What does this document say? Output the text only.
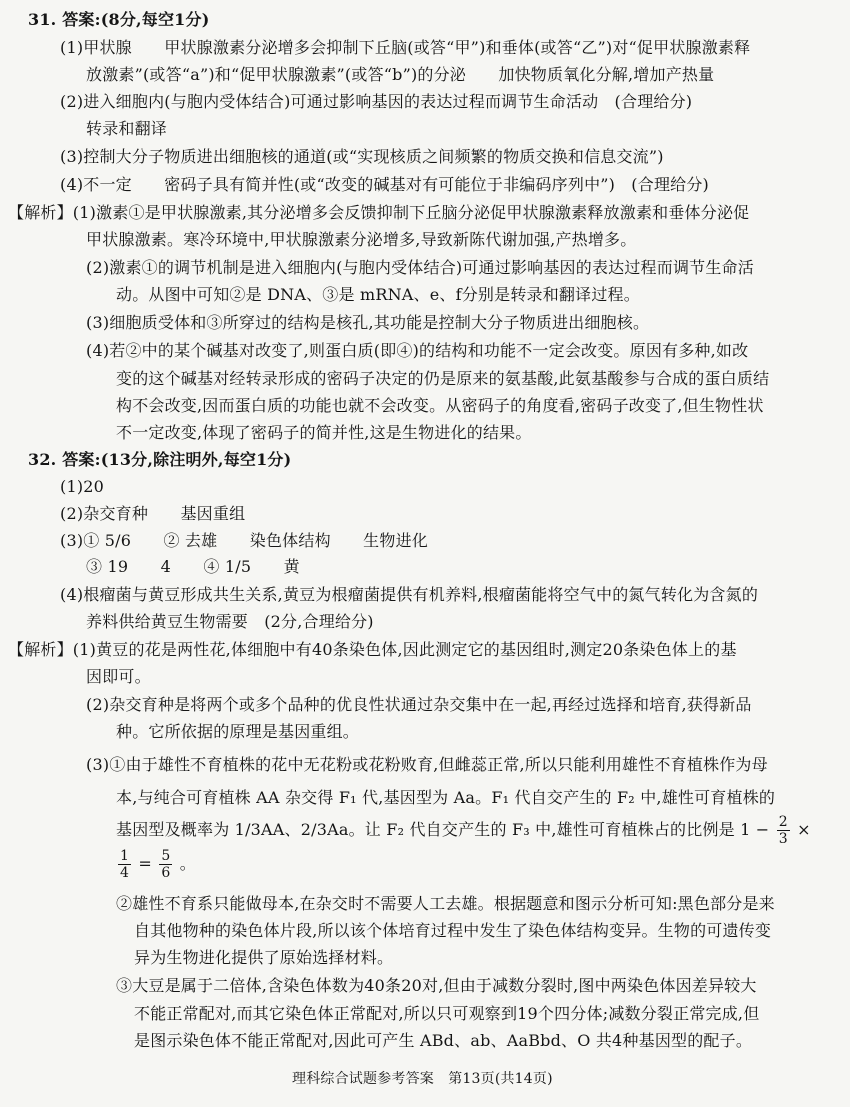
31. 答案:(8分,每空1分)
(1)甲状腺　　甲状腺激素分泌增多会抑制下丘脑(或答“甲”)和垂体(或答“乙”)对“促甲状腺激素释
放激素”(或答“a”)和“促甲状腺激素”(或答“b”)的分泌　　加快物质氧化分解,增加产热量
(2)进入细胞内(与胞内受体结合)可通过影响基因的表达过程而调节生命活动　(合理给分)
转录和翻译
(3)控制大分子物质进出细胞核的通道(或“实现核质之间频繁的物质交换和信息交流”)
(4)不一定　　密码子具有简并性(或“改变的碱基对有可能位于非编码序列中”)　(合理给分)
【解析】(1)激素①是甲状腺激素,其分泌增多会反馈抑制下丘脑分泌促甲状腺激素释放激素和垂体分泌促
甲状腺激素。寒冷环境中,甲状腺激素分泌增多,导致新陈代谢加强,产热增多。
(2)激素①的调节机制是进入细胞内(与胞内受体结合)可通过影响基因的表达过程而调节生命活
动。从图中可知②是 DNA、③是 mRNA、e、f分别是转录和翻译过程。
(3)细胞质受体和③所穿过的结构是核孔,其功能是控制大分子物质进出细胞核。
(4)若②中的某个碱基对改变了,则蛋白质(即④)的结构和功能不一定会改变。原因有多种,如改
变的这个碱基对经转录形成的密码子决定的仍是原来的氨基酸,此氨基酸参与合成的蛋白质结
构不会改变,因而蛋白质的功能也就不会改变。从密码子的角度看,密码子改变了,但生物性状
不一定改变,体现了密码子的简并性,这是生物进化的结果。
32. 答案:(13分,除注明外,每空1分)
(1)20
(2)杂交育种　　基因重组
(3)① 5/6　　② 去雄　　染色体结构　　生物进化
③ 19　　4　　④ 1/5　　黄
(4)根瘤菌与黄豆形成共生关系,黄豆为根瘤菌提供有机养料,根瘤菌能将空气中的氮气转化为含氮的
养料供给黄豆生物需要　(2分,合理给分)
【解析】(1)黄豆的花是两性花,体细胞中有40条染色体,因此测定它的基因组时,测定20条染色体上的基
因即可。
(2)杂交育种是将两个或多个品种的优良性状通过杂交集中在一起,再经过选择和培育,获得新品
种。它所依据的原理是基因重组。
(3)①由于雄性不育植株的花中无花粉或花粉败育,但雌蕊正常,所以只能利用雄性不育植株作为母
本,与纯合可育植株 AA 杂交得 F₁ 代,基因型为 Aa。F₁ 代自交产生的 F₂ 中,雄性可育植株的
基因型及概率为 1/3AA、2/3Aa。让 F₂ 代自交产生的 F₃ 中,雄性可育植株占的比例是 $1 - \frac{2}{3}$ ×
$\frac{1}{4} = \frac{5}{6}$ 。
②雄性不育系只能做母本,在杂交时不需要人工去雄。根据题意和图示分析可知:黑色部分是来
自其他物种的染色体片段,所以该个体培育过程中发生了染色体结构变异。生物的可遗传变
异为生物进化提供了原始选择材料。
③大豆是属于二倍体,含染色体数为40条20对,但由于减数分裂时,图中两染色体因差异较大
不能正常配对,而其它染色体正常配对,所以只可观察到19个四分体;减数分裂正常完成,但
是图示染色体不能正常配对,因此可产生 ABd、ab、AaBbd、O 共4种基因型的配子。
理科综合试题参考答案　第13页(共14页)
